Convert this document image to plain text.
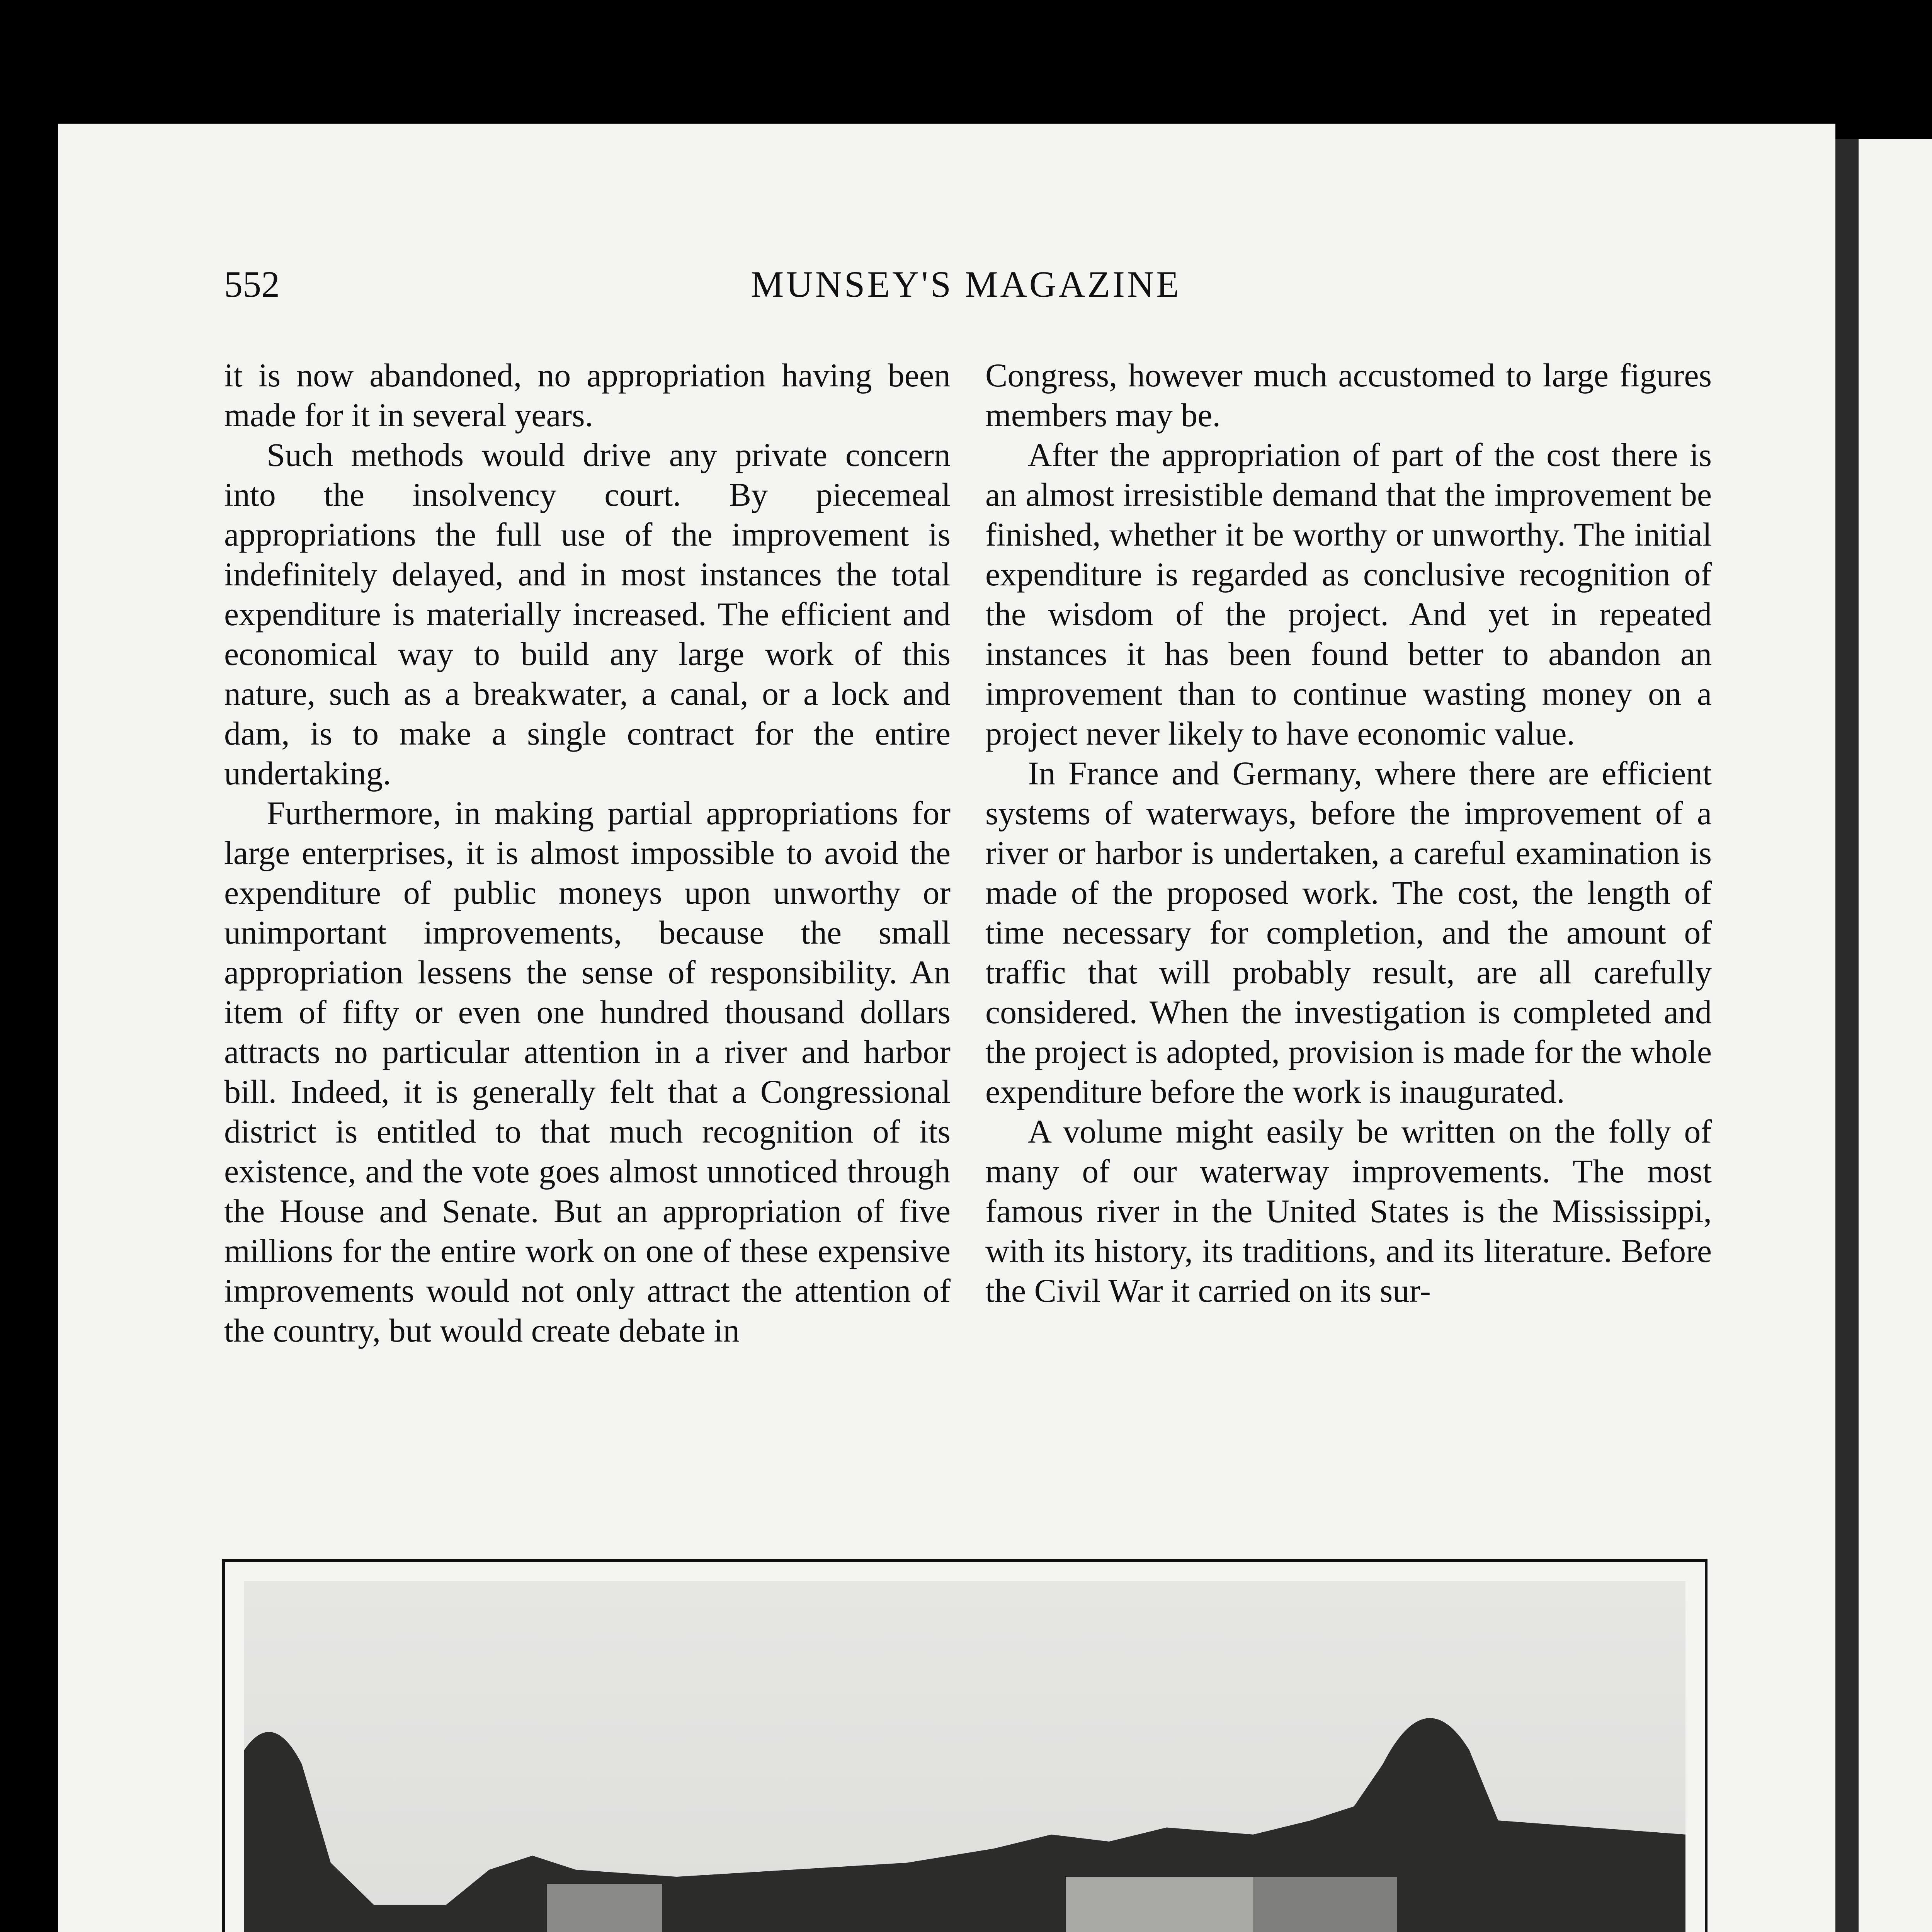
552	MUNSEY'S MAGAZINE

it is now abandoned, no appropriation having been made for it in several years.

Such methods would drive any private concern into the insolvency court. By piecemeal appropriations the full use of the improvement is indefinitely delayed, and in most instances the total expenditure is materially increased. The efficient and economical way to build any large work of this nature, such as a breakwater, a canal, or a lock and dam, is to make a single contract for the entire undertaking.

Furthermore, in making partial appropriations for large enterprises, it is almost impossible to avoid the expenditure of public moneys upon unworthy or unimportant improvements, because the small appropriation lessens the sense of responsibility. An item of fifty or even one hundred thousand dollars attracts no particular attention in a river and harbor bill. Indeed, it is generally felt that a Congressional district is entitled to that much recognition of its existence, and the vote goes almost unnoticed through the House and Senate. But an appropriation of five millions for the entire work on one of these expensive improvements would not only attract the attention of the country, but would create debate in

Congress, however much accustomed to large figures members may be.

After the appropriation of part of the cost there is an almost irresistible demand that the improvement be finished, whether it be worthy or unworthy. The initial expenditure is regarded as conclusive recognition of the wisdom of the project. And yet in repeated instances it has been found better to abandon an improvement than to continue wasting money on a project never likely to have economic value.

In France and Germany, where there are efficient systems of waterways, before the improvement of a river or harbor is undertaken, a careful examination is made of the proposed work. The cost, the length of time necessary for completion, and the amount of traffic that will probably result, are all carefully considered. When the investigation is completed and the project is adopted, provision is made for the whole expenditure before the work is inaugurated.

A volume might easily be written on the folly of many of our waterway improvements. The most famous river in the United States is the Mississippi, with its history, its traditions, and its literature. Before the Civil War it carried on its sur-
